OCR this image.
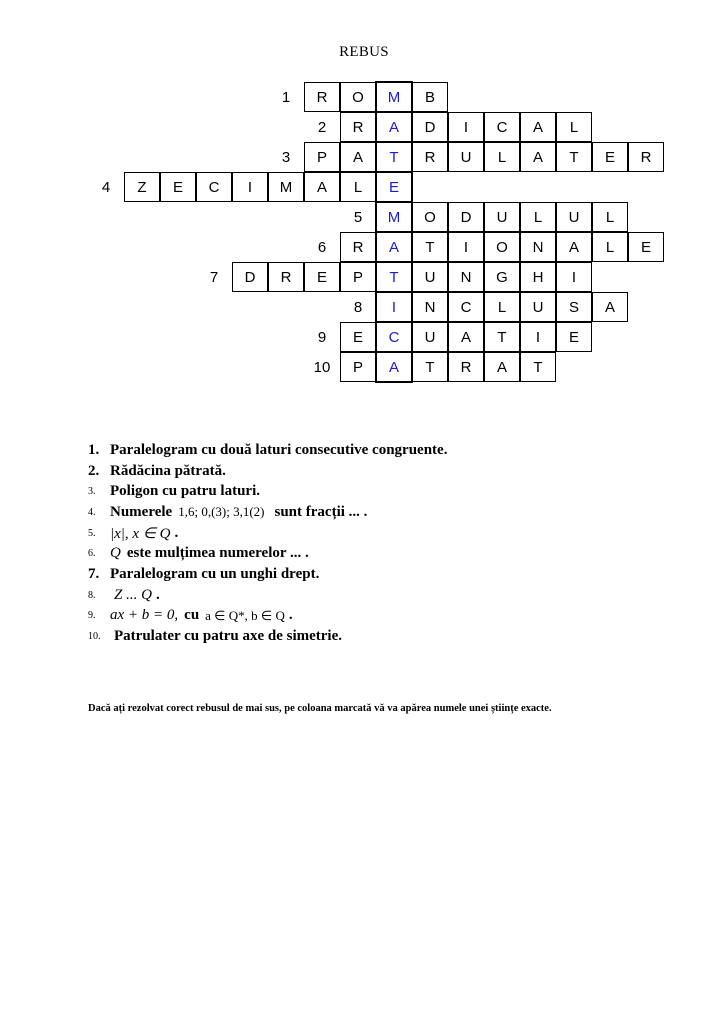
REBUS
1	R O M B
2	R A D I C A L
3	P A T R U L A T E R
4	Z E C I M A L E
5	M O D U L U L
6	R A T I O N A L E
7	D R E P T U N G H I
8	I N C L U S A
9	E C U A T I E
10	P A T R A T
1. Paralelogram cu două laturi consecutive congruente.
2. Rădăcina pătrată.
3. Poligon cu patru laturi.
4. Numerele 1,6; 0,(3); 3,1(2) sunt fracții ... .
5. |x|, x ∈ Q .
6. Q este mulțimea numerelor ... .
7. Paralelogram cu un unghi drept.
8.	Z ... Q .
9. ax + b = 0, cu a ∈ Q*, b ∈ Q .
10. Patrulater cu patru axe de simetrie.
Dacă ați rezolvat corect rebusul de mai sus, pe coloana marcată vă va apărea numele unei științe exacte.
